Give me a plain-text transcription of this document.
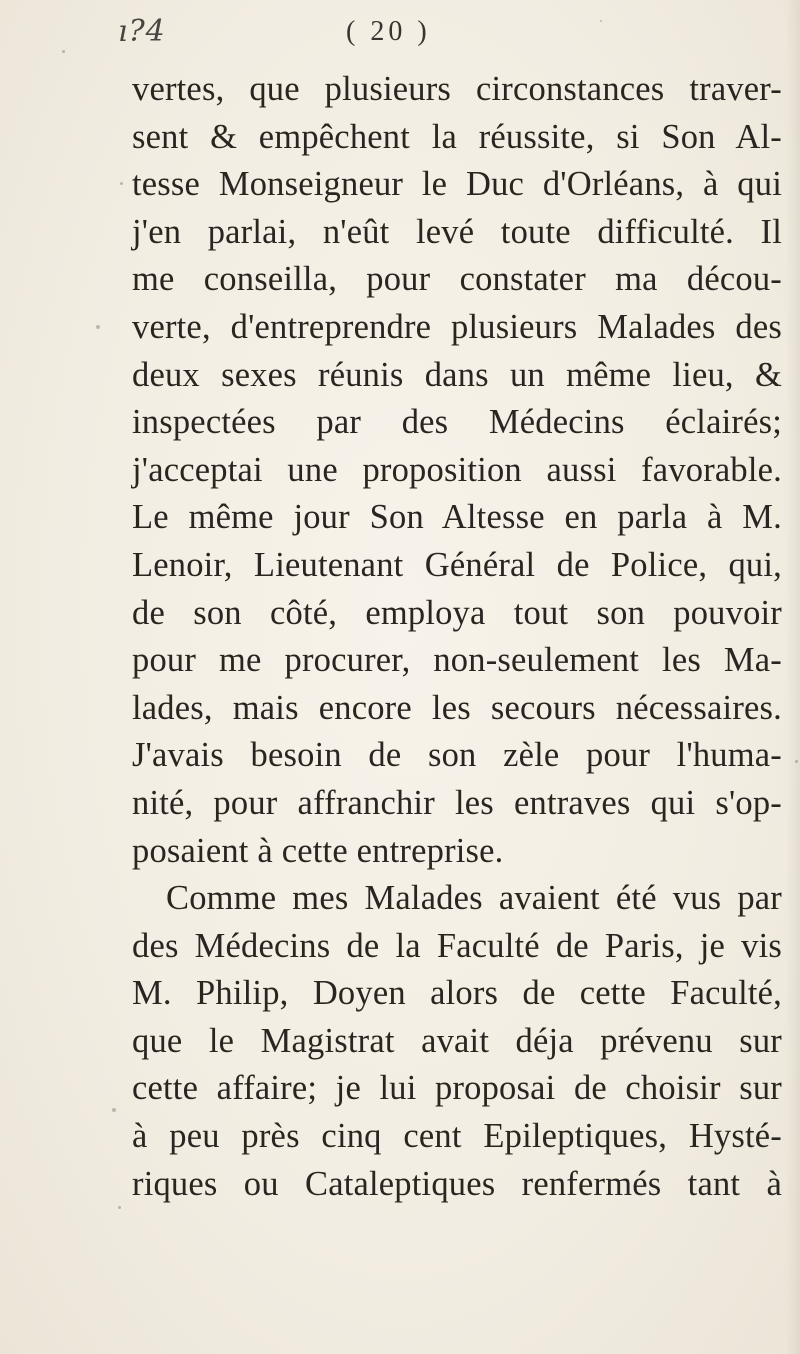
ı?4	( 20 )
vertes, que plusieurs circonstances traver-
sent & empêchent la réussite, si Son Al-
tesse Monseigneur le Duc d'Orléans, à qui
j'en parlai, n'eût levé toute difficulté. Il
me conseilla, pour constater ma décou-
verte, d'entreprendre plusieurs Malades des
deux sexes réunis dans un même lieu, &
inspectées par des Médecins éclairés;
j'acceptai une proposition aussi favorable.
Le même jour Son Altesse en parla à M.
Lenoir, Lieutenant Général de Police, qui,
de son côté, employa tout son pouvoir
pour me procurer, non-seulement les Ma-
lades, mais encore les secours nécessaires.
J'avais besoin de son zèle pour l'huma-
nité, pour affranchir les entraves qui s'op-
posaient à cette entreprise.
Comme mes Malades avaient été vus par
des Médecins de la Faculté de Paris, je vis
M. Philip, Doyen alors de cette Faculté,
que le Magistrat avait déja prévenu sur
cette affaire; je lui proposai de choisir sur
à peu près cinq cent Epileptiques, Hysté-
riques ou Cataleptiques renfermés tant à
